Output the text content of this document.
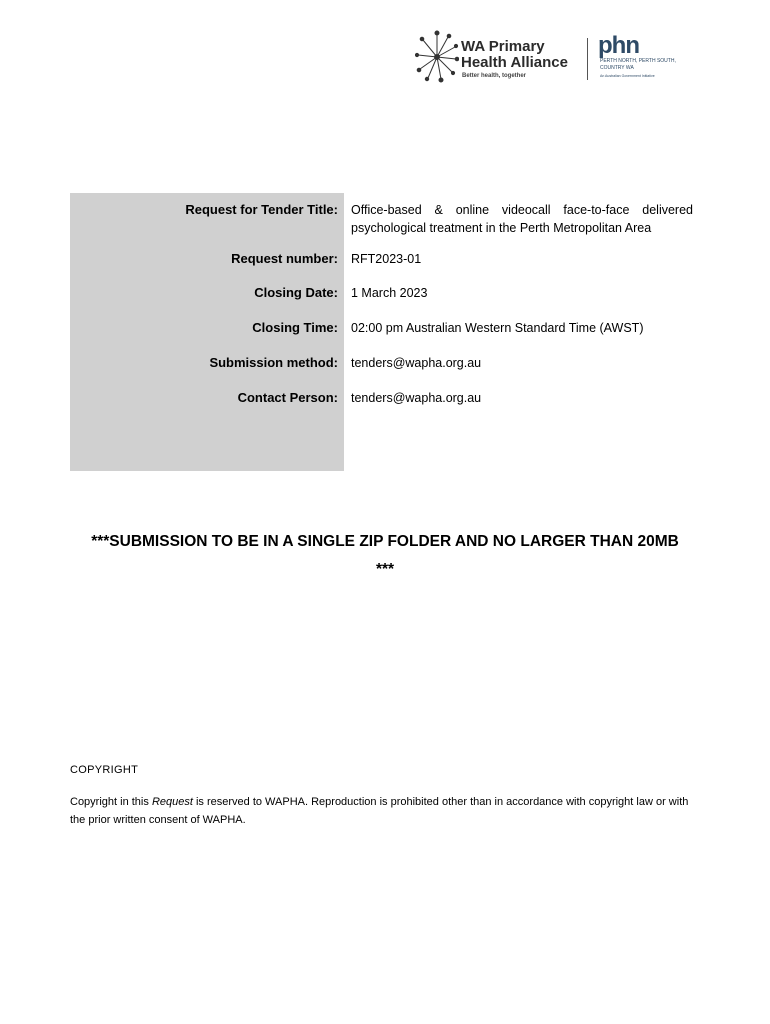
WA Primary
Health Alliance
Better health, together
phn
PERTH NORTH, PERTH SOUTH, COUNTRY WA
An Australian Government Initiative
Request for Tender Title: Office-based & online videocall face-to-face delivered psychological treatment in the Perth Metropolitan Area
Request number: RFT2023-01
Closing Date: 1 March 2023
Closing Time: 02:00 pm Australian Western Standard Time (AWST)
Submission method: tenders@wapha.org.au
Contact Person: tenders@wapha.org.au
***SUBMISSION TO BE IN A SINGLE ZIP FOLDER AND NO LARGER THAN 20MB ***
COPYRIGHT
Copyright in this Request is reserved to WAPHA. Reproduction is prohibited other than in accordance with copyright law or with the prior written consent of WAPHA.
